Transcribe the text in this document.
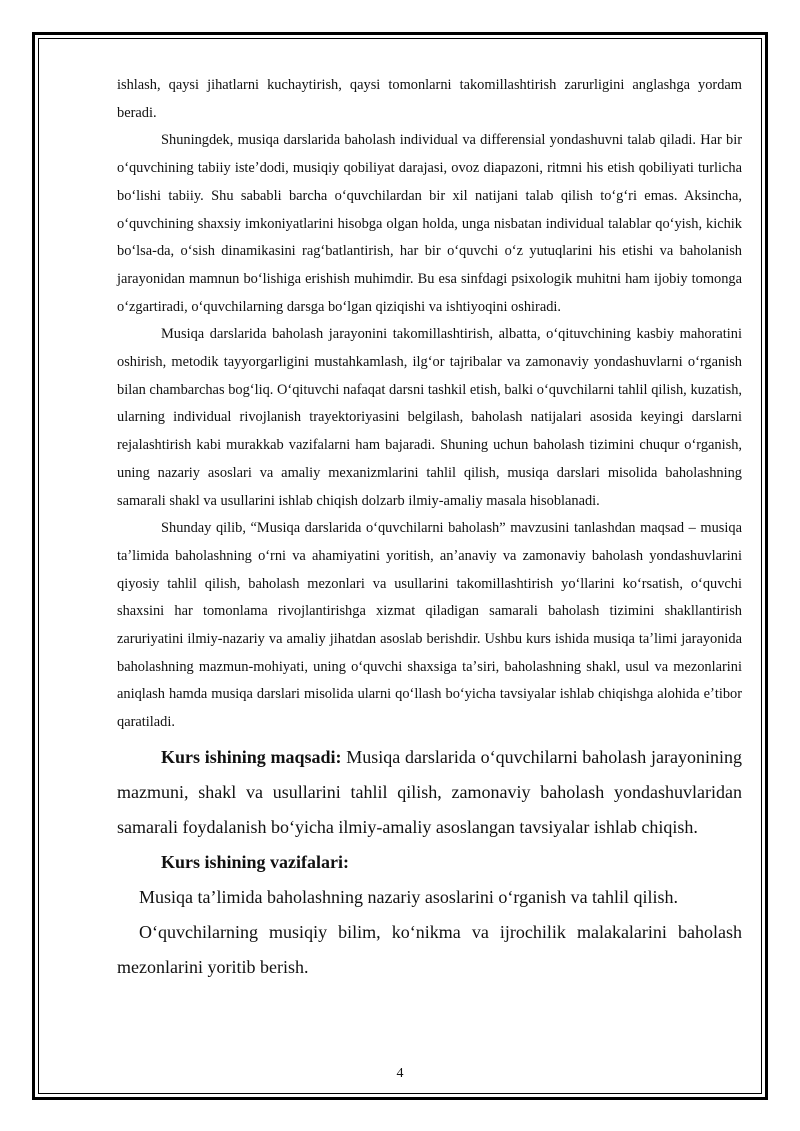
ishlash, qaysi jihatlarni kuchaytirish, qaysi tomonlarni takomillashtirish zarurligini anglashga yordam beradi.

Shuningdek, musiqa darslarida baholash individual va differensial yondashuvni talab qiladi. Har bir oʻquvchining tabiiy isteʼdodi, musiqiy qobiliyat darajasi, ovoz diapazoni, ritmni his etish qobiliyati turlicha boʻlishi tabiiy. Shu sababli barcha oʻquvchilardan bir xil natijani talab qilish toʻgʻri emas. Aksincha, oʻquvchining shaxsiy imkoniyatlarini hisobga olgan holda, unga nisbatan individual talablar qoʻyish, kichik boʻlsa-da, oʻsish dinamikasini ragʻbatlantirish, har bir oʻquvchi oʻz yutuqlarini his etishi va baholanish jarayonidan mamnun boʻlishiga erishish muhimdir. Bu esa sinfdagi psixologik muhitni ham ijobiy tomonga oʻzgartiradi, oʻquvchilarning darsga boʻlgan qiziqishi va ishtiyoqini oshiradi.

Musiqa darslarida baholash jarayonini takomillashtirish, albatta, oʻqituvchining kasbiy mahoratini oshirish, metodik tayyorgarligini mustahkamlash, ilgʻor tajribalar va zamonaviy yondashuvlarni oʻrganish bilan chambarchas bogʻliq. Oʻqituvchi nafaqat darsni tashkil etish, balki oʻquvchilarni tahlil qilish, kuzatish, ularning individual rivojlanish trayektoriyasini belgilash, baholash natijalari asosida keyingi darslarni rejalashtirish kabi murakkab vazifalarni ham bajaradi. Shuning uchun baholash tizimini chuqur oʻrganish, uning nazariy asoslari va amaliy mexanizmlarini tahlil qilish, musiqa darslari misolida baholashning samarali shakl va usullarini ishlab chiqish dolzarb ilmiy-amaliy masala hisoblanadi.

Shunday qilib, “Musiqa darslarida oʻquvchilarni baholash” mavzusini tanlashdan maqsad – musiqa taʼlimida baholashning oʻrni va ahamiyatini yoritish, anʼanaviy va zamonaviy baholash yondashuvlarini qiyosiy tahlil qilish, baholash mezonlari va usullarini takomillashtirish yoʻllarini koʻrsatish, oʻquvchi shaxsini har tomonlama rivojlantirishga xizmat qiladigan samarali baholash tizimini shakllantirish zaruriyatini ilmiy-nazariy va amaliy jihatdan asoslab berishdir. Ushbu kurs ishida musiqa taʼlimi jarayonida baholashning mazmun-mohiyati, uning oʻquvchi shaxsiga taʼsiri, baholashning shakl, usul va mezonlarini aniqlash hamda musiqa darslari misolida ularni qoʻllash boʻyicha tavsiyalar ishlab chiqishga alohida eʼtibor qaratiladi.

Kurs ishining maqsadi: Musiqa darslarida oʻquvchilarni baholash jarayonining mazmuni, shakl va usullarini tahlil qilish, zamonaviy baholash yondashuvlaridan samarali foydalanish boʻyicha ilmiy-amaliy asoslangan tavsiyalar ishlab chiqish.

Kurs ishining vazifalari:

Musiqa taʼlimida baholashning nazariy asoslarini oʻrganish va tahlil qilish.

Oʻquvchilarning musiqiy bilim, koʻnikma va ijrochilik malakalarini baholash mezonlarini yoritib berish.

4
